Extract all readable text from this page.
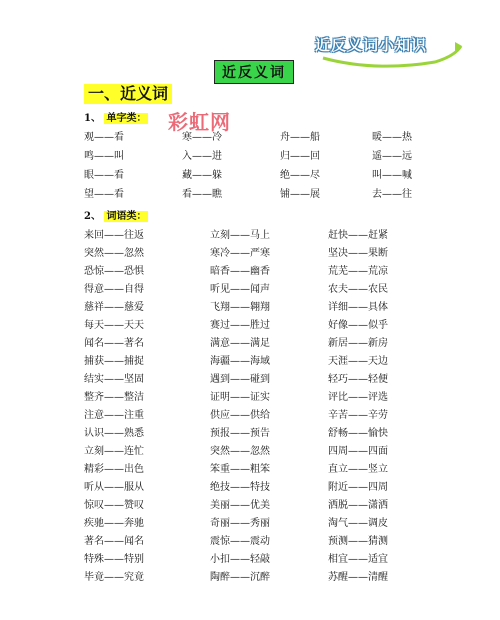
近反义词小知识
近反义词
一、近义词
彩虹网
1、 单字类：
观——看	寒——冷	舟——船	暖——热
鸣——叫	入——进	归——回	遥——远
眼——看	藏——躲	绝——尽	叫——喊
望——看	看——瞧	铺——展	去——往
2、 词语类：
来回——往返	立刻——马上	赶快——赶紧
突然——忽然	寒冷——严寒	坚决——果断
恐惊——恐惧	暗香——幽香	荒芜——荒凉
得意——自得	听见——闻声	农夫——农民
慈祥——慈爱	飞翔——翱翔	详细——具体
每天——天天	赛过——胜过	好像——似乎
闻名——著名	满意——满足	新居——新房
捕获——捕捉	海疆——海域	天涯——天边
结实——坚固	遇到——碰到	轻巧——轻便
整齐——整洁	证明——证实	评比——评选
注意——注重	供应——供给	辛苦——辛劳
认识——熟悉	预报——预告	舒畅——愉快
立刻——连忙	突然——忽然	四周——四面
精彩——出色	笨重——粗笨	直立——竖立
听从——服从	绝技——特技	附近——四周
惊叹——赞叹	美丽——优美	洒脱——潇洒
疾驰——奔驰	奇丽——秀丽	淘气——调皮
著名——闻名	震惊——震动	预测——猜测
特殊——特别	小扣——轻敲	相宜——适宜
毕竟——究竟	陶醉——沉醉	苏醒——清醒
